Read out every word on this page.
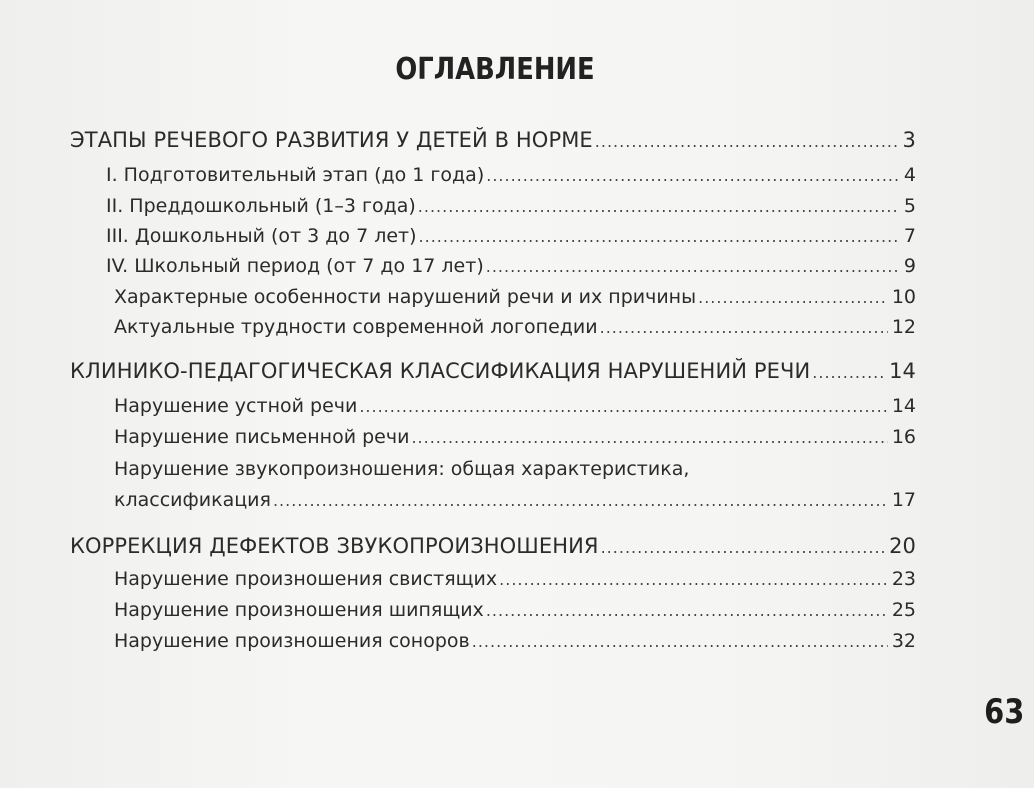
ОГЛАВЛЕНИЕ
ЭТАПЫ РЕЧЕВОГО РАЗВИТИЯ У ДЕТЕЙ В НОРМЕ .....	3
I. Подготовительный этап (до 1 года) .....	4
II. Преддошкольный (1–3 года) .....	5
III. Дошкольный (от 3 до 7 лет) .....	7
IV. Школьный период (от 7 до 17 лет) .....	9
Характерные особенности нарушений речи и их причины .....	10
Актуальные трудности современной логопедии .....	12
КЛИНИКО-ПЕДАГОГИЧЕСКАЯ КЛАССИФИКАЦИЯ НАРУШЕНИЙ РЕЧИ .....	14
Нарушение устной речи .....	14
Нарушение письменной речи .....	16
Нарушение звукопроизношения: общая характеристика,
классификация .....	17
КОРРЕКЦИЯ ДЕФЕКТОВ ЗВУКОПРОИЗНОШЕНИЯ .....	20
Нарушение произношения свистящих .....	23
Нарушение произношения шипящих .....	25
Нарушение произношения соноров .....	32
63
